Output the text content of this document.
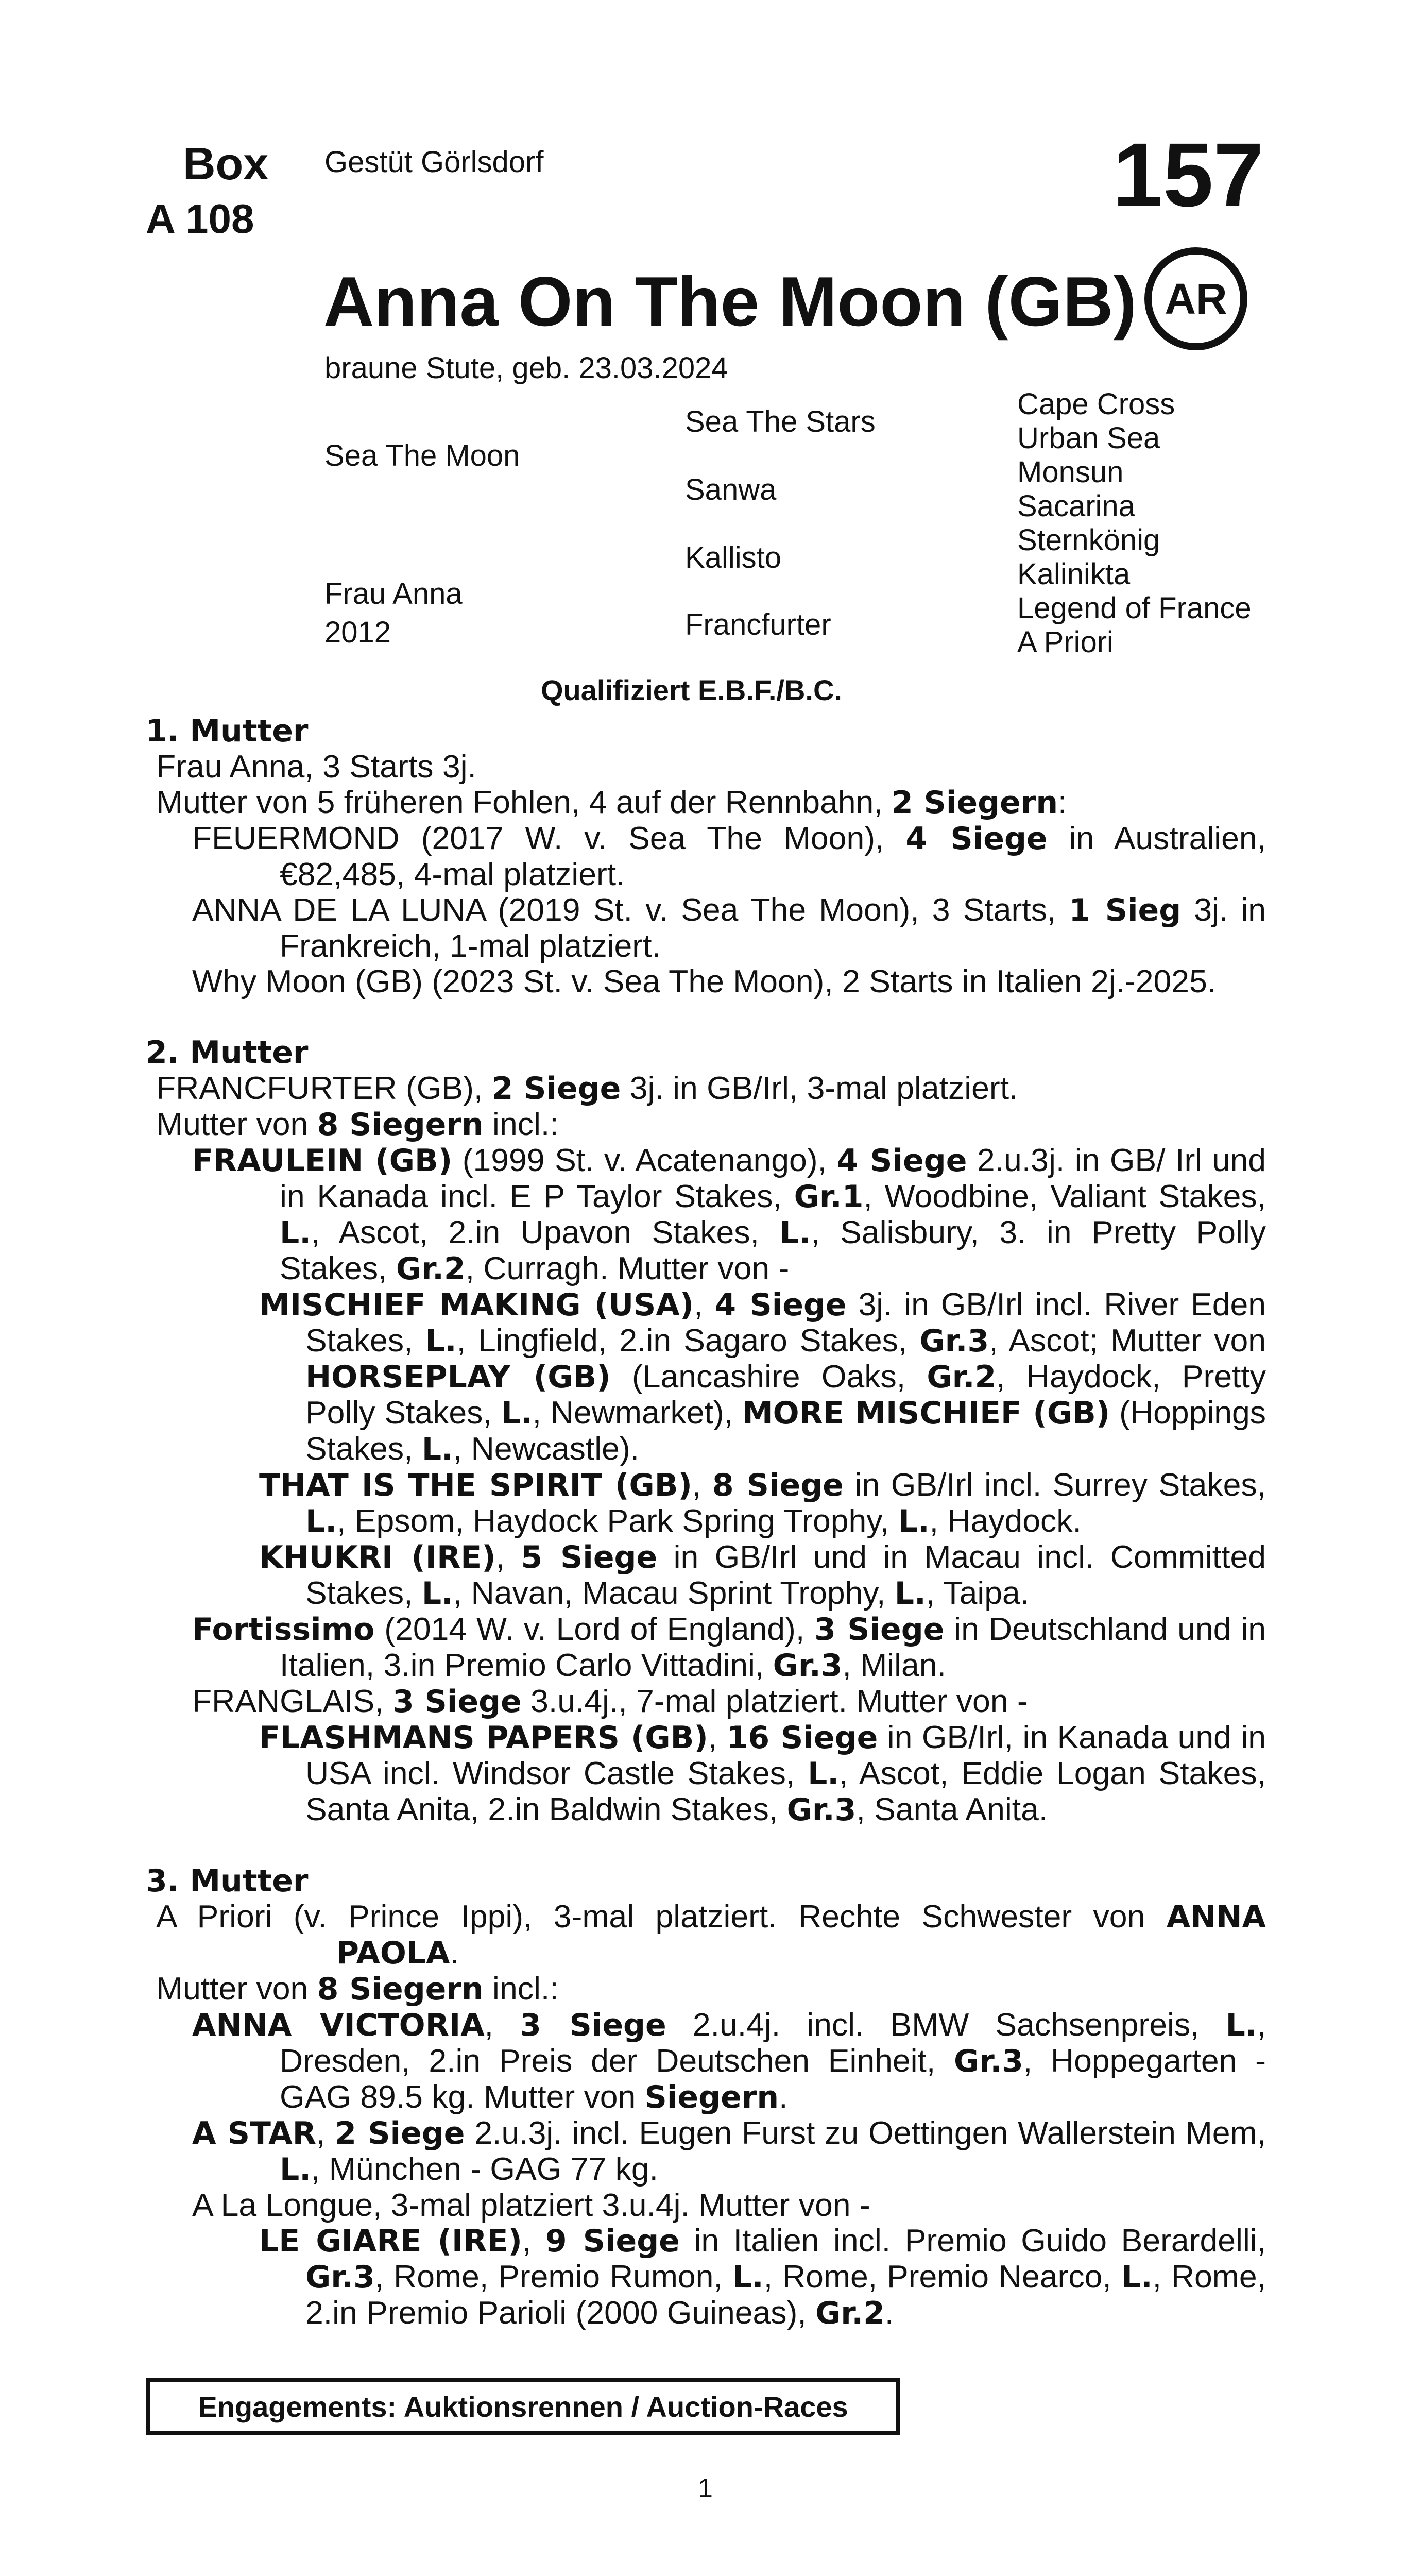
Box
A 108
Gestüt Görlsdorf	157
Anna On The Moon (GB) AR
braune Stute, geb. 23.03.2024
Sea The Moon
Frau Anna
2012
Sea The Stars
Sanwa
Kallisto
Francfurter
Cape Cross
Urban Sea
Monsun
Sacarina
Sternkönig
Kalinikta
Legend of France
A Priori
Qualifiziert E.B.F./B.C.
1. Mutter
Frau Anna, 3 Starts 3j.
Mutter von 5 früheren Fohlen, 4 auf der Rennbahn, 2 Siegern:
FEUERMOND (2017 W. v. Sea The Moon), 4 Siege in Australien, €82,485, 4-mal platziert.
ANNA DE LA LUNA (2019 St. v. Sea The Moon), 3 Starts, 1 Sieg 3j. in Frankreich, 1-mal platziert.
Why Moon (GB) (2023 St. v. Sea The Moon), 2 Starts in Italien 2j.-2025.
2. Mutter
FRANCFURTER (GB), 2 Siege 3j. in GB/Irl, 3-mal platziert.
Mutter von 8 Siegern incl.:
FRAULEIN (GB) (1999 St. v. Acatenango), 4 Siege 2.u.3j. in GB/ Irl und in Kanada incl. E P Taylor Stakes, Gr.1, Woodbine, Valiant Stakes, L., Ascot, 2.in Upavon Stakes, L., Salisbury, 3. in Pretty Polly Stakes, Gr.2, Curragh. Mutter von -
MISCHIEF MAKING (USA), 4 Siege 3j. in GB/Irl incl. River Eden Stakes, L., Lingfield, 2.in Sagaro Stakes, Gr.3, Ascot; Mutter von HORSEPLAY (GB) (Lancashire Oaks, Gr.2, Haydock, Pretty Polly Stakes, L., Newmarket), MORE MISCHIEF (GB) (Hoppings Stakes, L., Newcastle).
THAT IS THE SPIRIT (GB), 8 Siege in GB/Irl incl. Surrey Stakes, L., Epsom, Haydock Park Spring Trophy, L., Haydock.
KHUKRI (IRE), 5 Siege in GB/Irl und in Macau incl. Committed Stakes, L., Navan, Macau Sprint Trophy, L., Taipa.
Fortissimo (2014 W. v. Lord of England), 3 Siege in Deutschland und in Italien, 3.in Premio Carlo Vittadini, Gr.3, Milan.
FRANGLAIS, 3 Siege 3.u.4j., 7-mal platziert. Mutter von -
FLASHMANS PAPERS (GB), 16 Siege in GB/Irl, in Kanada und in USA incl. Windsor Castle Stakes, L., Ascot, Eddie Logan Stakes, Santa Anita, 2.in Baldwin Stakes, Gr.3, Santa Anita.
3. Mutter
A Priori (v. Prince Ippi), 3-mal platziert. Rechte Schwester von ANNA PAOLA.
Mutter von 8 Siegern incl.:
ANNA VICTORIA, 3 Siege 2.u.4j. incl. BMW Sachsenpreis, L., Dresden, 2.in Preis der Deutschen Einheit, Gr.3, Hoppegarten - GAG 89.5 kg. Mutter von Siegern.
A STAR, 2 Siege 2.u.3j. incl. Eugen Furst zu Oettingen Wallerstein Mem, L., München - GAG 77 kg.
A La Longue, 3-mal platziert 3.u.4j. Mutter von -
LE GIARE (IRE), 9 Siege in Italien incl. Premio Guido Berardelli, Gr.3, Rome, Premio Rumon, L., Rome, Premio Nearco, L., Rome, 2.in Premio Parioli (2000 Guineas), Gr.2.
Engagements: Auktionsrennen / Auction-Races
1
